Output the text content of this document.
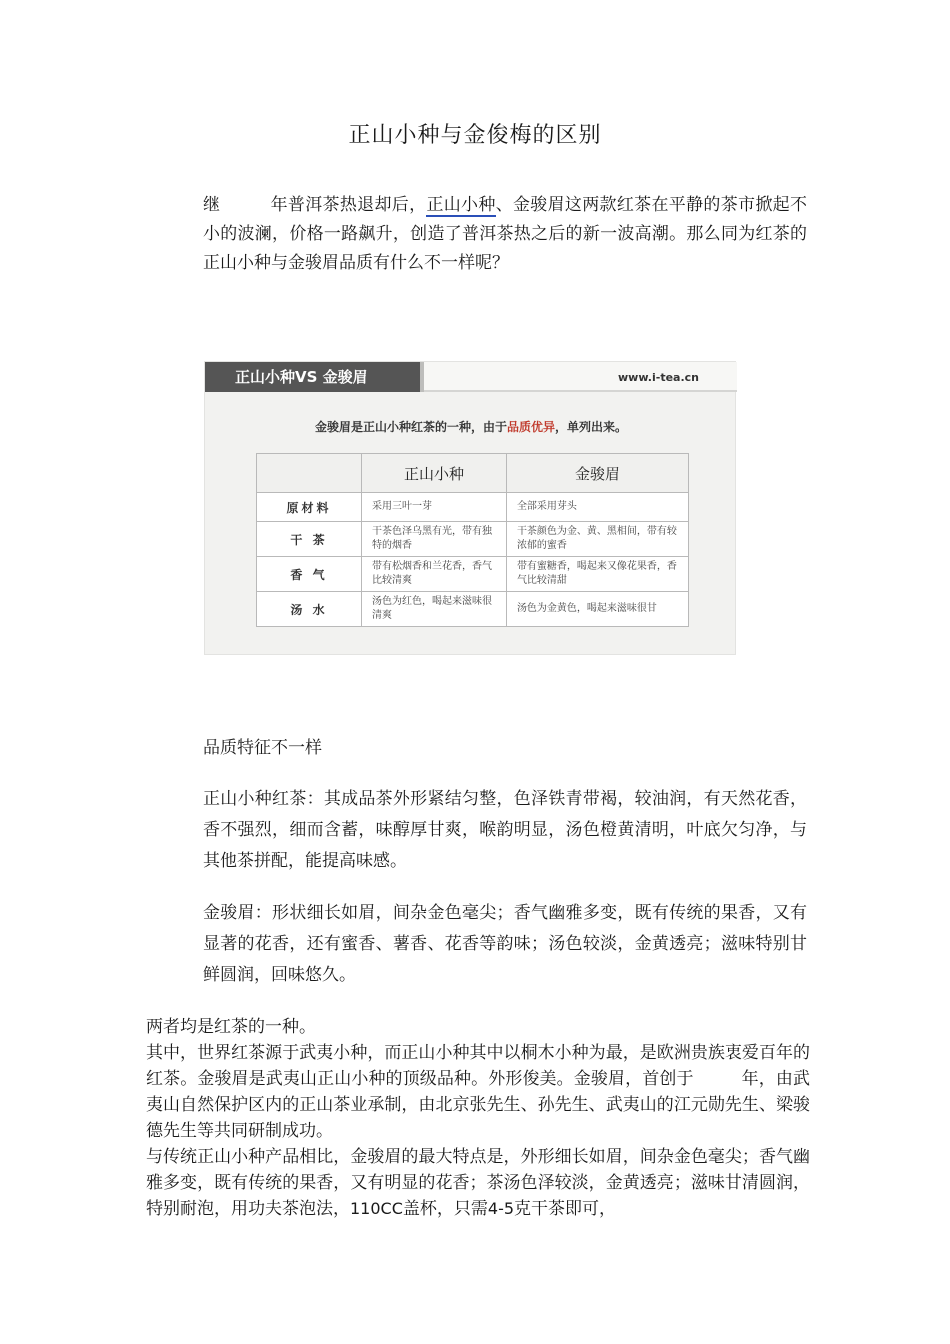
正山小种与金俊梅的区别
继	年普洱茶热退却后，正山小种、金骏眉这两款红茶在平静的茶市掀起不小的波澜，价格一路飙升，创造了普洱茶热之后的新一波高潮。那么同为红茶的正山小种与金骏眉品质有什么不一样呢？
正山小种VS 金骏眉	www.i-tea.cn
金骏眉是正山小种红茶的一种，由于品质优异，单列出来。
	正山小种	金骏眉
原材料	采用三叶一芽	全部采用芽头
干 茶	干茶色泽乌黑有光，带有独特的烟香	干茶颜色为金、黄、黑相间，带有较浓郁的蜜香
香 气	带有松烟香和兰花香，香气比较清爽	带有蜜糖香，喝起来又像花果香，香气比较清甜
汤 水	汤色为红色，喝起来滋味很清爽	汤色为金黄色，喝起来滋味很甘
品质特征不一样
正山小种红茶：其成品茶外形紧结匀整，色泽铁青带褐，较油润，有天然花香，香不强烈，细而含蓄，味醇厚甘爽，喉韵明显，汤色橙黄清明，叶底欠匀净，与其他茶拼配，能提高味感。
金骏眉：形状细长如眉，间杂金色毫尖；香气幽雅多变，既有传统的果香，又有显著的花香，还有蜜香、薯香、花香等韵味；汤色较淡，金黄透亮；滋味特别甘鲜圆润，回味悠久。
两者均是红茶的一种。
其中，世界红茶源于武夷小种，而正山小种其中以桐木小种为最，是欧洲贵族衷爱百年的红茶。金骏眉是武夷山正山小种的顶级品种。外形俊美。金骏眉，首创于	年，由武夷山自然保护区内的正山茶业承制，由北京张先生、孙先生、武夷山的江元勋先生、梁骏德先生等共同研制成功。
与传统正山小种产品相比，金骏眉的最大特点是，外形细长如眉，间杂金色毫尖；香气幽雅多变，既有传统的果香，又有明显的花香；茶汤色泽较淡，金黄透亮；滋味甘清圆润，特别耐泡，用功夫茶泡法，110CC盖杯，只需4-5克干茶即可，
